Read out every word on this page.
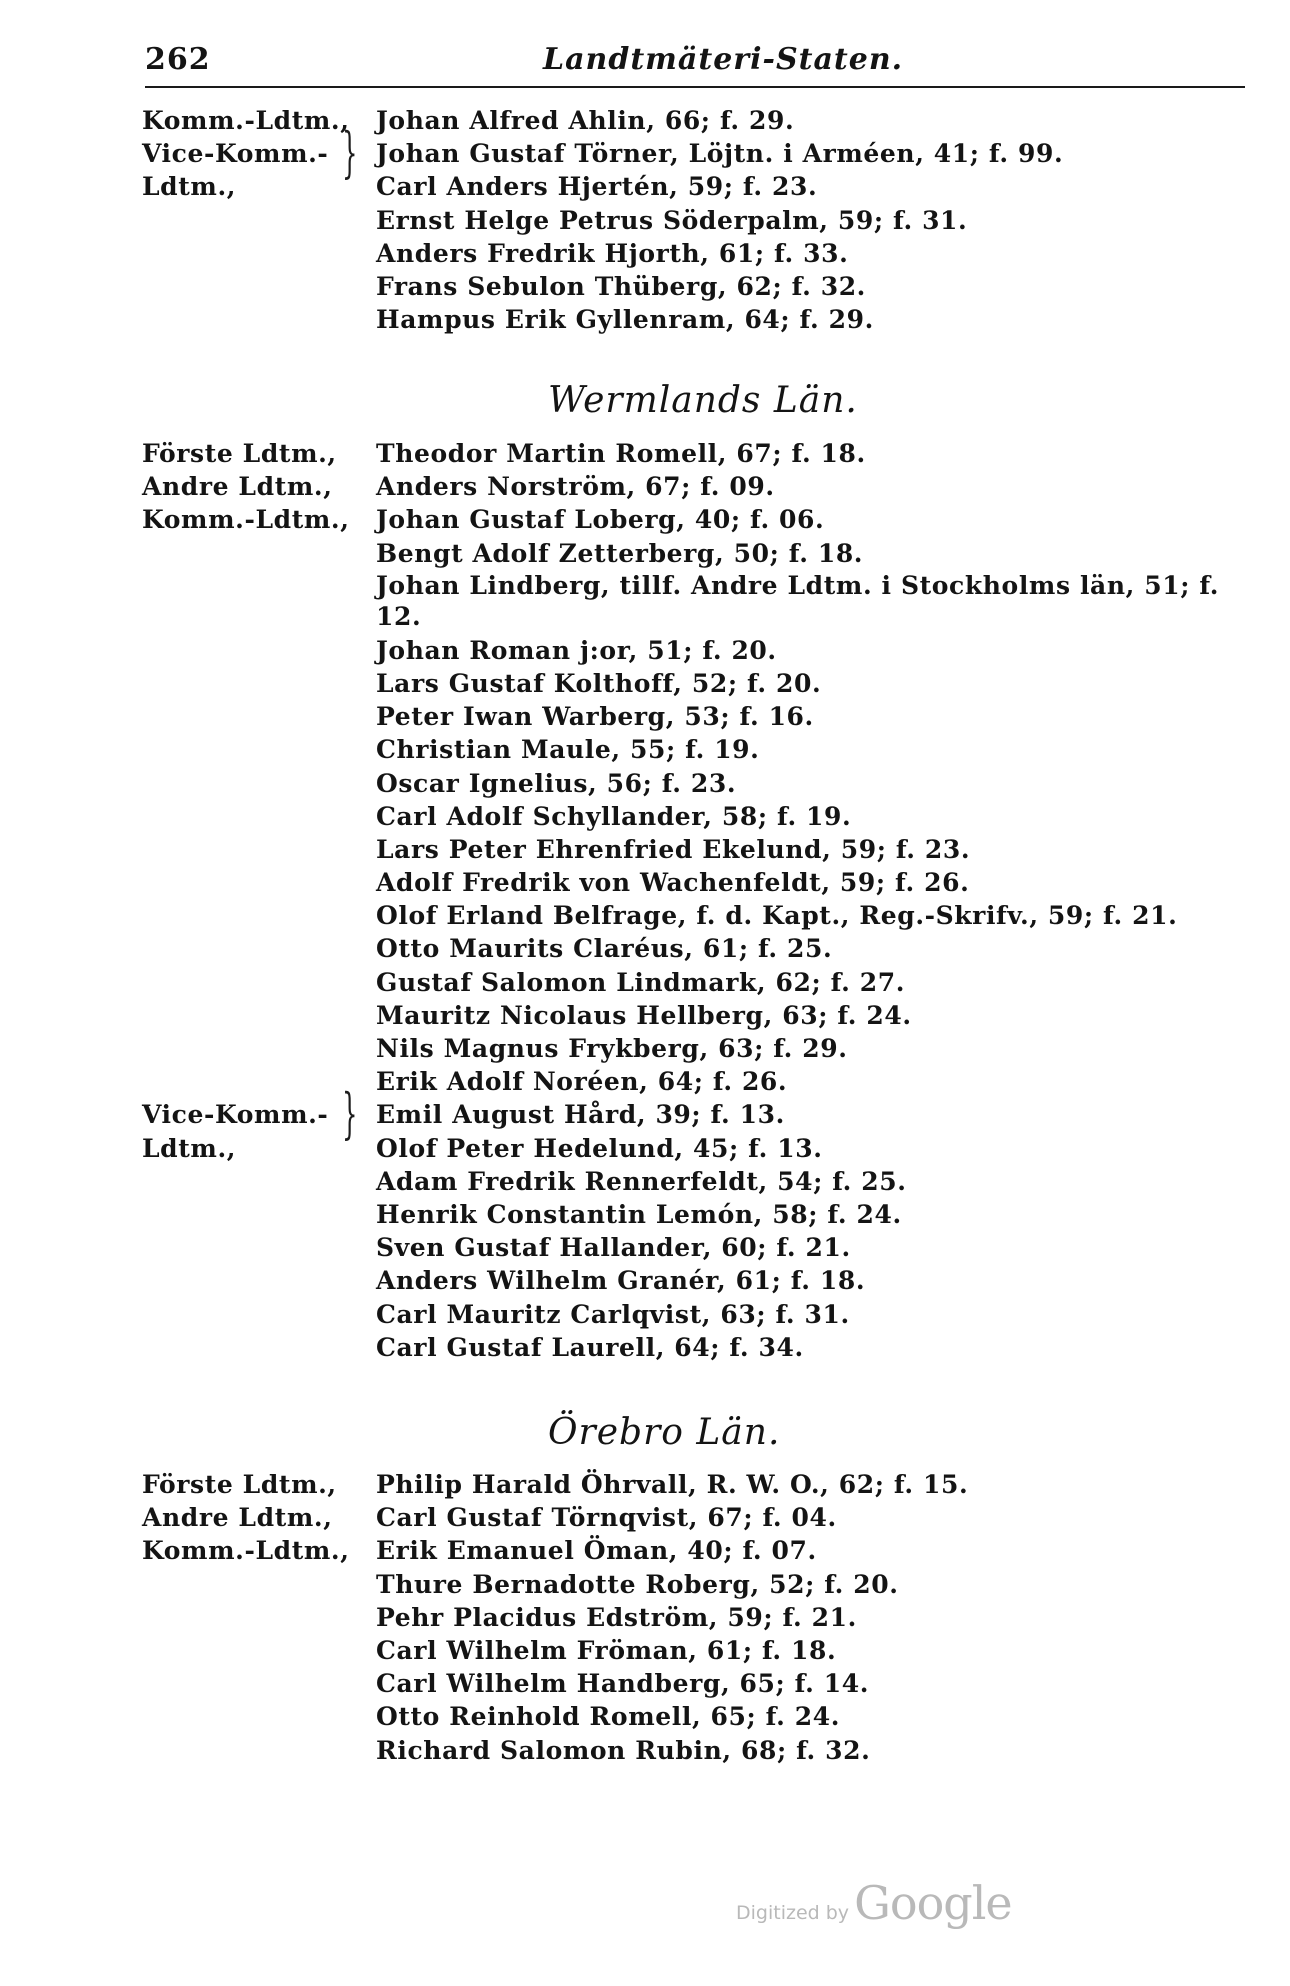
262	Landtmäteri-Staten.
}
Komm.-Ldtm., Johan Alfred Ahlin, 66; f. 29.
Vice-Komm.- Johan Gustaf Törner, Löjtn. i Arméen, 41; f. 99.
Ldtm.,	Carl Anders Hjertén, 59; f. 23.
Ernst Helge Petrus Söderpalm, 59; f. 31.
Anders Fredrik Hjorth, 61; f. 33.
Frans Sebulon Thüberg, 62; f. 32.
Hampus Erik Gyllenram, 64; f. 29.
Wermlands Län.
}
Förste Ldtm., Theodor Martin Romell, 67; f. 18.
Andre Ldtm., Anders Norström, 67; f. 09.
Komm.-Ldtm., Johan Gustaf Loberg, 40; f. 06.
Bengt Adolf Zetterberg, 50; f. 18.
Johan Lindberg, tillf. Andre Ldtm. i Stockholms län, 51; f. 12.
Johan Roman j:or, 51; f. 20.
Lars Gustaf Kolthoff, 52; f. 20.
Peter Iwan Warberg, 53; f. 16.
Christian Maule, 55; f. 19.
Oscar Ignelius, 56; f. 23.
Carl Adolf Schyllander, 58; f. 19.
Lars Peter Ehrenfried Ekelund, 59; f. 23.
Adolf Fredrik von Wachenfeldt, 59; f. 26.
Olof Erland Belfrage, f. d. Kapt., Reg.-Skrifv., 59; f. 21.
Otto Maurits Claréus, 61; f. 25.
Gustaf Salomon Lindmark, 62; f. 27.
Mauritz Nicolaus Hellberg, 63; f. 24.
Nils Magnus Frykberg, 63; f. 29.
Erik Adolf Noréen, 64; f. 26.
Vice-Komm.- Emil August Hård, 39; f. 13.
Ldtm.,	Olof Peter Hedelund, 45; f. 13.
Adam Fredrik Rennerfeldt, 54; f. 25.
Henrik Constantin Lemón, 58; f. 24.
Sven Gustaf Hallander, 60; f. 21.
Anders Wilhelm Granér, 61; f. 18.
Carl Mauritz Carlqvist, 63; f. 31.
Carl Gustaf Laurell, 64; f. 34.
Örebro Län.
Förste Ldtm., Philip Harald Öhrvall, R. W. O., 62; f. 15.
Andre Ldtm., Carl Gustaf Törnqvist, 67; f. 04.
Komm.-Ldtm., Erik Emanuel Öman, 40; f. 07.
Thure Bernadotte Roberg, 52; f. 20.
Pehr Placidus Edström, 59; f. 21.
Carl Wilhelm Fröman, 61; f. 18.
Carl Wilhelm Handberg, 65; f. 14.
Otto Reinhold Romell, 65; f. 24.
Richard Salomon Rubin, 68; f. 32.
Digitized by Google
